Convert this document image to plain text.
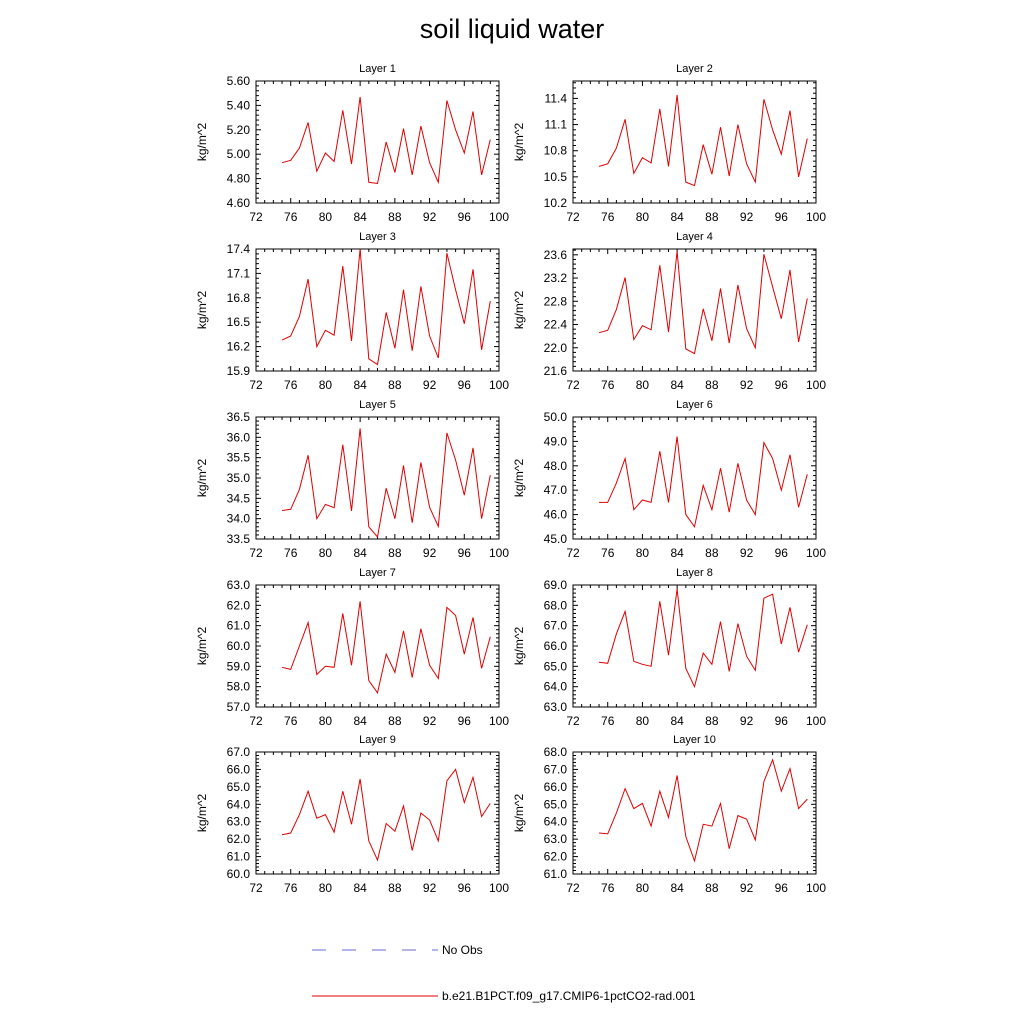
soil liquid water
72 76 80 84 88 92 96 100
4.60
4.80
5.00
5.20
5.40
5.60
Layer 1
kg/m^2
72 76 80 84 88 92 96 100
10.2
10.5
10.8
11.1
11.4
Layer 2
kg/m^2
72 76 80 84 88 92 96 100
15.9
16.2
16.5
16.8
17.1
17.4
Layer 3
kg/m^2
72 76 80 84 88 92 96 100
21.6
22.0
22.4
22.8
23.2
23.6
Layer 4
kg/m^2
72 76 80 84 88 92 96 100
33.5
34.0
34.5
35.0
35.5
36.0
36.5
Layer 5
kg/m^2
72 76 80 84 88 92 96 100
45.0
46.0
47.0
48.0
49.0
50.0
Layer 6
kg/m^2
72 76 80 84 88 92 96 100
57.0
58.0
59.0
60.0
61.0
62.0
63.0
Layer 7
kg/m^2
72 76 80 84 88 92 96 100
63.0
64.0
65.0
66.0
67.0
68.0
69.0
Layer 8
kg/m^2
72 76 80 84 88 92 96 100
60.0
61.0
62.0
63.0
64.0
65.0
66.0
67.0
Layer 9
kg/m^2
72 76 80 84 88 92 96 100
61.0
62.0
63.0
64.0
65.0
66.0
67.0
68.0
Layer 10
kg/m^2
No Obs
b.e21.B1PCT.f09_g17.CMIP6-1pctCO2-rad.001
